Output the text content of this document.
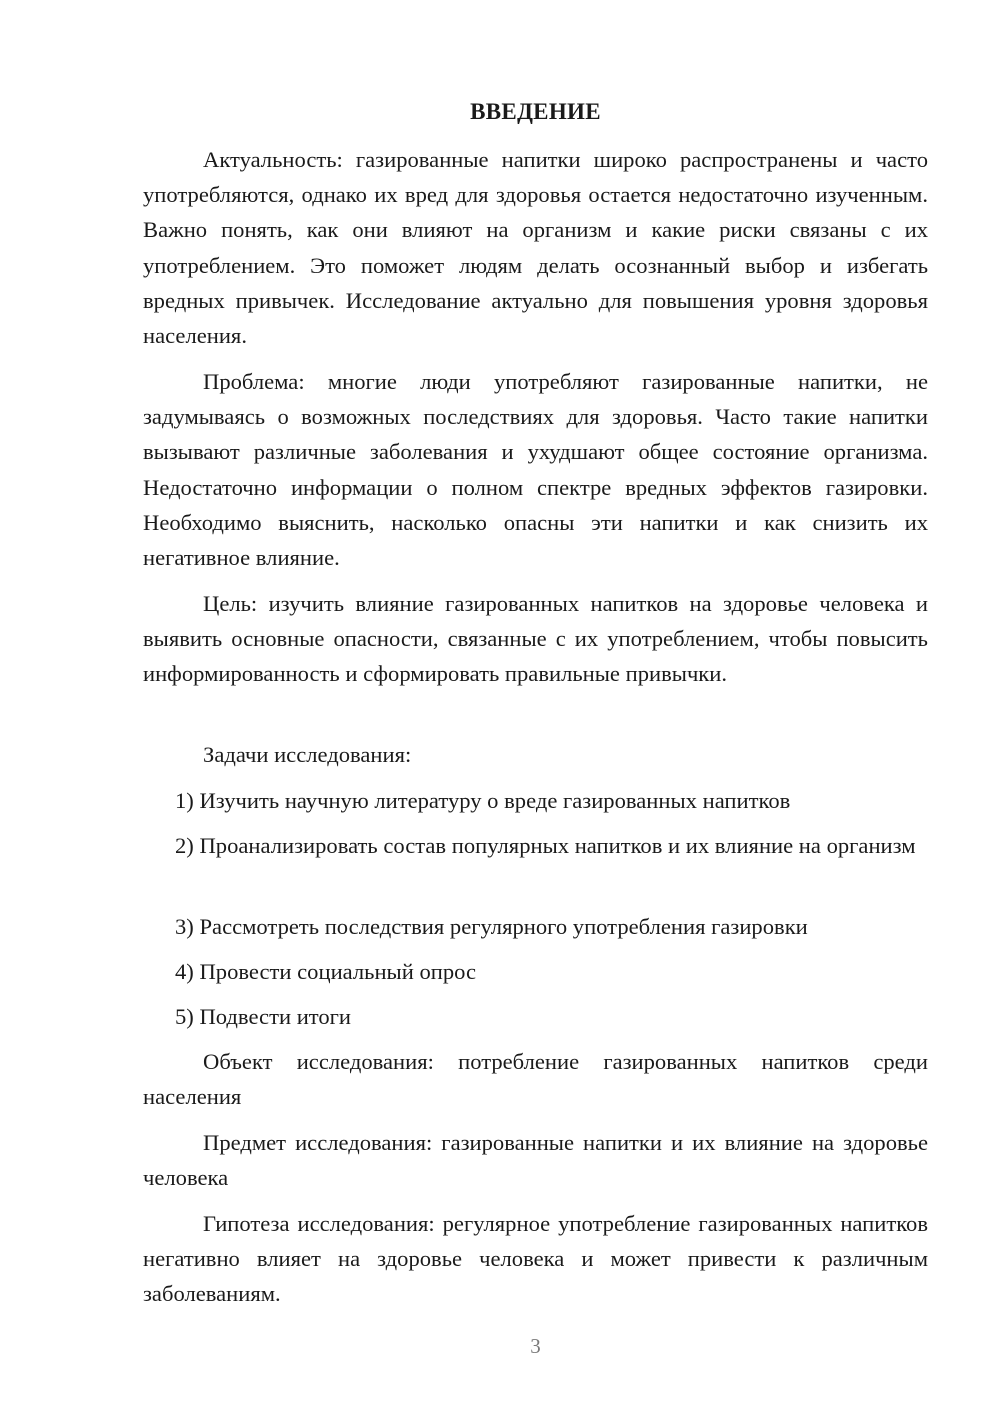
ВВЕДЕНИЕ

Актуальность: газированные напитки широко распространены и часто употребляются, однако их вред для здоровья остается недостаточно изученным. Важно понять, как они влияют на организм и какие риски связаны с их употреблением. Это поможет людям делать осознанный выбор и избегать вредных привычек. Исследование актуально для повышения уровня здоровья населения.

Проблема: многие люди употребляют газированные напитки, не задумываясь о возможных последствиях для здоровья. Часто такие напитки вызывают различные заболевания и ухудшают общее состояние организма. Недостаточно информации о полном спектре вредных эффектов газировки. Необходимо выяснить, насколько опасны эти напитки и как снизить их негативное влияние.

Цель: изучить влияние газированных напитков на здоровье человека и выявить основные опасности, связанные с их употреблением, чтобы повысить информированность и сформировать правильные привычки.

Задачи исследования:

1) Изучить научную литературу о вреде газированных напитков

2) Проанализировать состав популярных напитков и их влияние на организм

3) Рассмотреть последствия регулярного употребления газировки

4) Провести социальный опрос

5) Подвести итоги

Объект исследования: потребление газированных напитков среди населения

Предмет исследования: газированные напитки и их влияние на здоровье человека

Гипотеза исследования: регулярное употребление газированных напитков негативно влияет на здоровье человека и может привести к различным заболеваниям.

3
